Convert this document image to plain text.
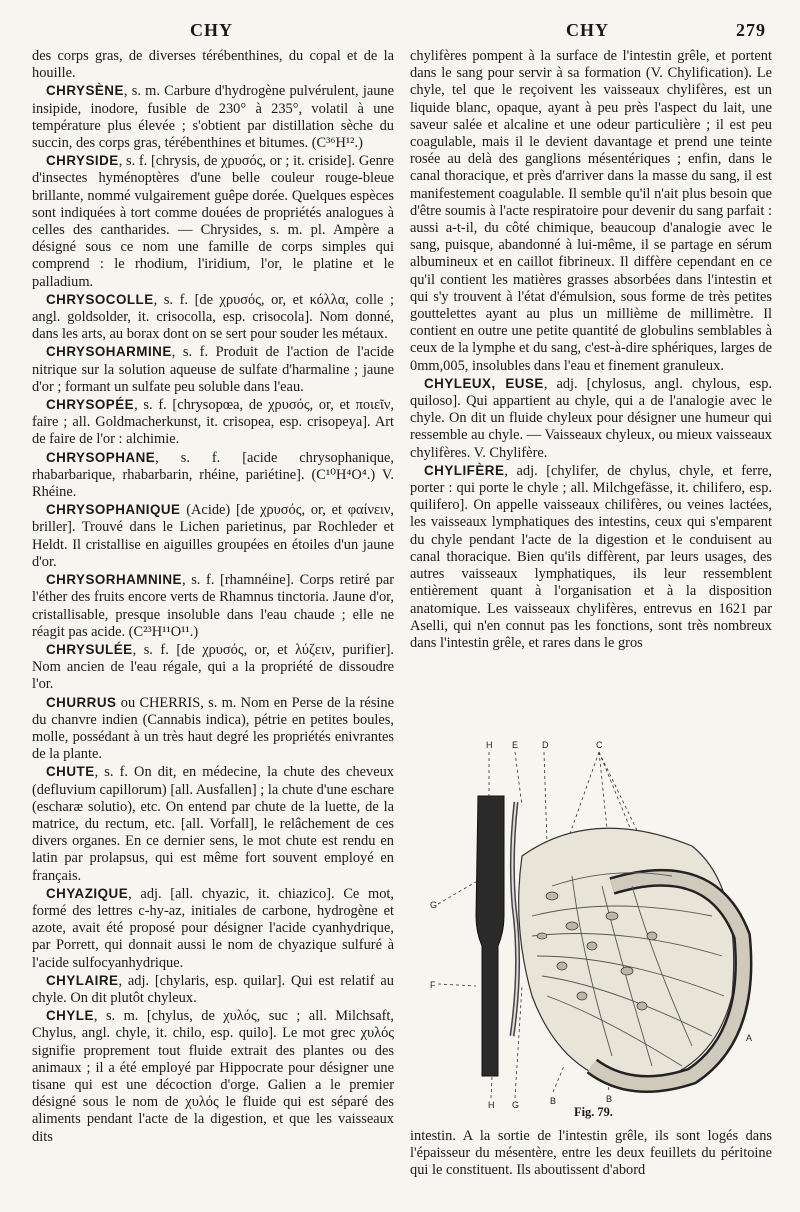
CHY	CHY	279

des corps gras, de diverses térébenthines, du copal et de la houille.

CHRYSÈNE, s. m. Carbure d'hydrogène pulvérulent, jaune insipide, inodore, fusible de 230° à 235°, volatil à une température plus élevée ; s'obtient par distillation sèche du succin, des corps gras, térébenthines et bitumes. (C³⁶H¹².)

CHRYSIDE, s. f. [chrysis, de χρυσός, or ; it. criside]. Genre d'insectes hyménoptères d'une belle couleur rouge-bleue brillante, nommé vulgairement guêpe dorée. Quelques espèces sont indiquées à tort comme douées de propriétés analogues à celles des cantharides. — Chrysides, s. m. pl. Ampère a désigné sous ce nom une famille de corps simples qui comprend : le rhodium, l'iridium, l'or, le platine et le palladium.

CHRYSOCOLLE, s. f. [de χρυσός, or, et κόλλα, colle ; angl. goldsolder, it. crisocolla, esp. crisocola]. Nom donné, dans les arts, au borax dont on se sert pour souder les métaux.

CHRYSOHARMINE, s. f. Produit de l'action de l'acide nitrique sur la solution aqueuse de sulfate d'harmaline ; jaune d'or ; formant un sulfate peu soluble dans l'eau.

CHRYSOPÉE, s. f. [chrysopœa, de χρυσός, or, et ποιεῖν, faire ; all. Goldmacherkunst, it. crisopea, esp. crisopeya]. Art de faire de l'or : alchimie.

CHRYSOPHANE, s. f. [acide chrysophanique, rhabarbarique, rhabarbarin, rhéine, pariétine]. (C¹⁰H⁴O⁴.) V. Rhéine.

CHRYSOPHANIQUE (Acide) [de χρυσός, or, et φαίνειν, briller]. Trouvé dans le Lichen parietinus, par Rochleder et Heldt. Il cristallise en aiguilles groupées en étoiles d'un jaune d'or.

CHRYSORHAMNINE, s. f. [rhamnéine]. Corps retiré par l'éther des fruits encore verts de Rhamnus tinctoria. Jaune d'or, cristallisable, presque insoluble dans l'eau chaude ; elle ne réagit pas acide. (C²³H¹¹O¹¹.)

CHRYSULÉE, s. f. [de χρυσός, or, et λύζειν, purifier]. Nom ancien de l'eau régale, qui a la propriété de dissoudre l'or.

CHURRUS ou CHERRIS, s. m. Nom en Perse de la résine du chanvre indien (Cannabis indica), pétrie en petites boules, molle, possédant à un très haut degré les propriétés enivrantes de la plante.

CHUTE, s. f. On dit, en médecine, la chute des cheveux (defluvium capillorum) [all. Ausfallen] ; la chute d'une eschare (escharæ solutio), etc. On entend par chute de la luette, de la matrice, du rectum, etc. [all. Vorfall], le relâchement de ces divers organes. En ce dernier sens, le mot chute est rendu en latin par prolapsus, qui est même fort souvent employé en français.

CHYAZIQUE, adj. [all. chyazic, it. chiazico]. Ce mot, formé des lettres c-hy-az, initiales de carbone, hydrogène et azote, avait été proposé pour désigner l'acide cyanhydrique, par Porrett, qui donnait aussi le nom de chyazique sulfuré à l'acide sulfocyanhydrique.

CHYLAIRE, adj. [chylaris, esp. quilar]. Qui est relatif au chyle. On dit plutôt chyleux.

CHYLE, s. m. [chylus, de χυλός, suc ; all. Milchsaft, Chylus, angl. chyle, it. chilo, esp. quilo]. Le mot grec χυλός signifie proprement tout fluide extrait des plantes ou des animaux ; il a été employé par Hippocrate pour désigner une tisane qui est une décoction d'orge. Galien a le premier désigné sous le nom de χυλός le fluide qui est séparé des aliments pendant l'acte de la digestion, et que les vaisseaux dits

chylifères pompent à la surface de l'intestin grêle, et portent dans le sang pour servir à sa formation (V. Chylification). Le chyle, tel que le reçoivent les vaisseaux chylifères, est un liquide blanc, opaque, ayant à peu près l'aspect du lait, une saveur salée et alcaline et une odeur particulière ; il est peu coagulable, mais il le devient davantage et prend une teinte rosée au delà des ganglions mésentériques ; enfin, dans le canal thoracique, et près d'arriver dans la masse du sang, il est manifestement coagulable. Il semble qu'il n'ait plus besoin que d'être soumis à l'acte respiratoire pour devenir du sang parfait : aussi a-t-il, du côté chimique, beaucoup d'analogie avec le sang, puisque, abandonné à lui-même, il se partage en sérum albumineux et en caillot fibrineux. Il diffère cependant en ce qu'il contient les matières grasses absorbées dans l'intestin et qui s'y trouvent à l'état d'émulsion, sous forme de très petites gouttelettes ayant au plus un millième de millimètre. Il contient en outre une petite quantité de globulins semblables à ceux de la lymphe et du sang, c'est-à-dire sphériques, larges de 0mm,005, insolubles dans l'eau et finement granuleux.

CHYLEUX, EUSE, adj. [chylosus, angl. chylous, esp. quiloso]. Qui appartient au chyle, qui a de l'analogie avec le chyle. On dit un fluide chyleux pour désigner une humeur qui ressemble au chyle. — Vaisseaux chyleux, ou mieux vaisseaux chylifères. V. Chylifère.

CHYLIFÈRE, adj. [chylifer, de chylus, chyle, et ferre, porter : qui porte le chyle ; all. Milchgefässe, it. chilifero, esp. quilifero]. On appelle vaisseaux chilifères, ou veines lactées, les vaisseaux lymphatiques des intestins, ceux qui s'emparent du chyle pendant l'acte de la digestion et le conduisent au canal thoracique. Bien qu'ils diffèrent, par leurs usages, des autres vaisseaux lymphatiques, ils leur ressemblent entièrement quant à l'organisation et à la disposition anatomique. Les vaisseaux chylifères, entrevus en 1621 par Aselli, qui n'en connut pas les fonctions, sont très nombreux dans l'intestin grêle, et rares dans le gros

H E	D	C
G
F
B
A
H G	B	B
Fig. 79.

intestin. A la sortie de l'intestin grêle, ils sont logés dans l'épaisseur du mésentère, entre les deux feuillets du péritoine qui le constituent. Ils aboutissent d'abord
